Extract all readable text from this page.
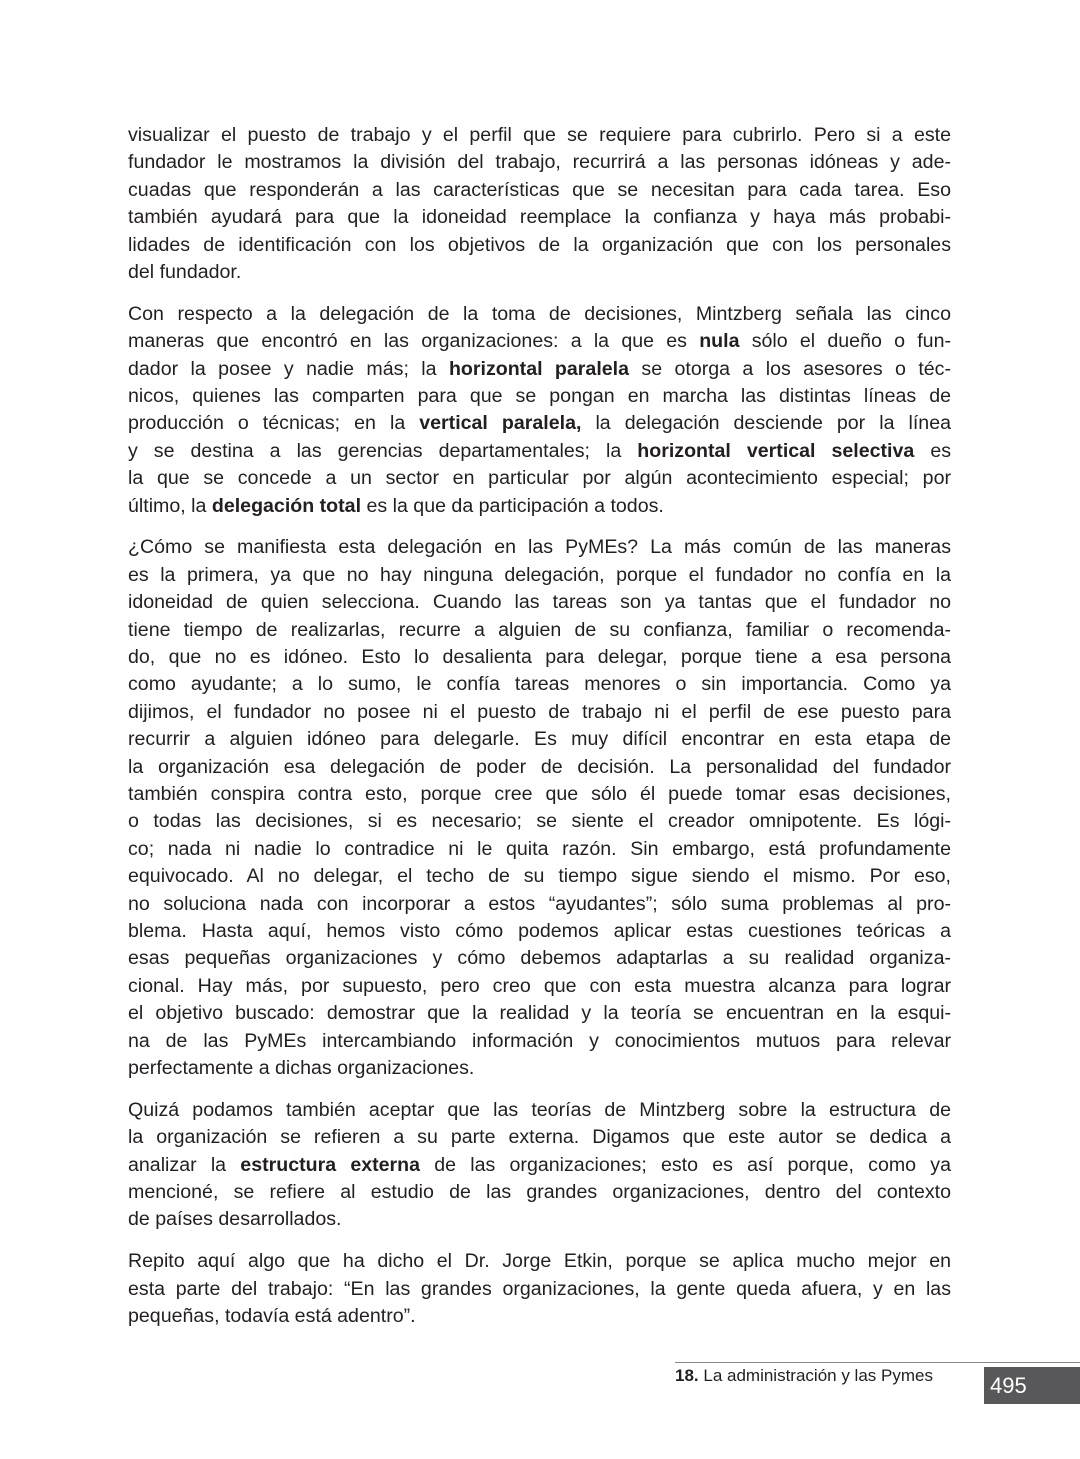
visualizar el puesto de trabajo y el perfil que se requiere para cubrirlo. Pero si a este
fundador le mostramos la división del trabajo, recurrirá a las personas idóneas y ade-
cuadas que responderán a las características que se necesitan para cada tarea. Eso
también ayudará para que la idoneidad reemplace la confianza y haya más probabi-
lidades de identificación con los objetivos de la organización que con los personales
del fundador.
Con respecto a la delegación de la toma de decisiones, Mintzberg señala las cinco
maneras que encontró en las organizaciones: a la que es nula sólo el dueño o fun-
dador la posee y nadie más; la horizontal paralela se otorga a los asesores o téc-
nicos, quienes las comparten para que se pongan en marcha las distintas líneas de
producción o técnicas; en la vertical paralela, la delegación desciende por la línea
y se destina a las gerencias departamentales; la horizontal vertical selectiva es
la que se concede a un sector en particular por algún acontecimiento especial; por
último, la delegación total es la que da participación a todos.
¿Cómo se manifiesta esta delegación en las PyMEs? La más común de las maneras
es la primera, ya que no hay ninguna delegación, porque el fundador no confía en la
idoneidad de quien selecciona. Cuando las tareas son ya tantas que el fundador no
tiene tiempo de realizarlas, recurre a alguien de su confianza, familiar o recomenda-
do, que no es idóneo. Esto lo desalienta para delegar, porque tiene a esa persona
como ayudante; a lo sumo, le confía tareas menores o sin importancia. Como ya
dijimos, el fundador no posee ni el puesto de trabajo ni el perfil de ese puesto para
recurrir a alguien idóneo para delegarle. Es muy difícil encontrar en esta etapa de
la organización esa delegación de poder de decisión. La personalidad del fundador
también conspira contra esto, porque cree que sólo él puede tomar esas decisiones,
o todas las decisiones, si es necesario; se siente el creador omnipotente. Es lógi-
co; nada ni nadie lo contradice ni le quita razón. Sin embargo, está profundamente
equivocado. Al no delegar, el techo de su tiempo sigue siendo el mismo. Por eso,
no soluciona nada con incorporar a estos “ayudantes”; sólo suma problemas al pro-
blema. Hasta aquí, hemos visto cómo podemos aplicar estas cuestiones teóricas a
esas pequeñas organizaciones y cómo debemos adaptarlas a su realidad organiza-
cional. Hay más, por supuesto, pero creo que con esta muestra alcanza para lograr
el objetivo buscado: demostrar que la realidad y la teoría se encuentran en la esqui-
na de las PyMEs intercambiando información y conocimientos mutuos para relevar
perfectamente a dichas organizaciones.
Quizá podamos también aceptar que las teorías de Mintzberg sobre la estructura de
la organización se refieren a su parte externa. Digamos que este autor se dedica a
analizar la estructura externa de las organizaciones; esto es así porque, como ya
mencioné, se refiere al estudio de las grandes organizaciones, dentro del contexto
de países desarrollados.
Repito aquí algo que ha dicho el Dr. Jorge Etkin, porque se aplica mucho mejor en
esta parte del trabajo: “En las grandes organizaciones, la gente queda afuera, y en las
pequeñas, todavía está adentro”.
18. La administración y las Pymes	495
